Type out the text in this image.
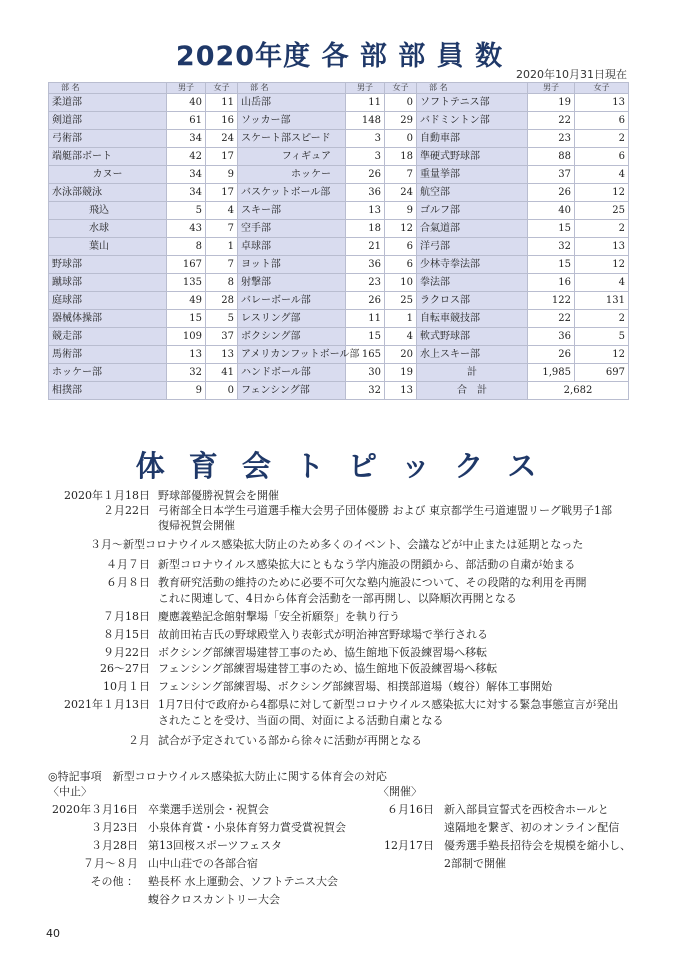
2020年度 各 部 部 員 数
2020年10月31日現在
部 名	男子	女子	部 名	男子	女子	部 名	男子	女子
柔道部	40	11	山岳部	11	0	ソフトテニス部	19	13
剣道部	61	16	ソッカー部	148	29	バドミントン部	22	6
弓術部	34	24	スケート部スピード	3	0	自動車部	23	2
端艇部ボート	42	17	フィギュア	3	18	準硬式野球部	88	6
カヌー	34	9	ホッケー	26	7	重量挙部	37	4
水泳部競泳	34	17	バスケットボール部	36	24	航空部	26	12
飛込	5	4	スキー部	13	9	ゴルフ部	40	25
水球	43	7	空手部	18	12	合氣道部	15	2
葉山	8	1	卓球部	21	6	洋弓部	32	13
野球部	167	7	ヨット部	36	6	少林寺拳法部	15	12
蹴球部	135	8	射撃部	23	10	拳法部	16	4
庭球部	49	28	バレーボール部	26	25	ラクロス部	122	131
器械体操部	15	5	レスリング部	11	1	自転車競技部	22	2
競走部	109	37	ボクシング部	15	4	軟式野球部	36	5
馬術部	13	13	アメリカンフットボール部	165	20	水上スキー部	26	12
ホッケー部	32	41	ハンドボール部	30	19	計	1,985	697
相撲部	9	0	フェンシング部	32	13	合　計	2,682	
体 育 会 ト ピ ッ ク ス
2020年１月18日 野球部優勝祝賀会を開催
２月22日 弓術部全日本学生弓道選手権大会男子団体優勝 および 東京都学生弓道連盟リーグ戦男子1部
復帰祝賀会開催
３月～新型コロナウイルス感染拡大防止のため多くのイベント、会議などが中止または延期となった
４月７日 新型コロナウイルス感染拡大にともなう学内施設の閉鎖から、部活動の自粛が始まる
６月８日 教育研究活動の維持のために必要不可欠な塾内施設について、その段階的な利用を再開
これに関連して、4日から体育会活動を一部再開し、以降順次再開となる
７月18日 慶應義塾記念館射撃場「安全祈願祭」を執り行う
８月15日 故前田祐吉氏の野球殿堂入り表彰式が明治神宮野球場で挙行される
９月22日 ボクシング部練習場建替工事のため、協生館地下仮設練習場へ移転
26～27日 フェンシング部練習場建替工事のため、協生館地下仮設練習場へ移転
10月１日 フェンシング部練習場、ボクシング部練習場、相撲部道場（蝮谷）解体工事開始
2021年１月13日 1月7日付で政府から4都県に対して新型コロナウイルス感染拡大に対する緊急事態宣言が発出
されたことを受け、当面の間、対面による活動自粛となる
２月 試合が予定されている部から徐々に活動が再開となる
◎特記事項　新型コロナウイルス感染拡大防止に関する体育会の対応
〈中止〉
2020年３月16日 卒業選手送別会・祝賀会
３月23日 小泉体育賞・小泉体育努力賞受賞祝賀会
３月28日 第13回桜スポーツフェスタ
７月～８月 山中山荘での各部合宿
その他 ： 塾長杯 水上運動会、ソフトテニス大会
蝮谷クロスカントリー大会
〈開催〉
６月16日 新入部員宣誓式を西校舎ホールと
遠隔地を繋ぎ、初のオンライン配信
12月17日 優秀選手塾長招待会を規模を縮小し、
2部制で開催
40
